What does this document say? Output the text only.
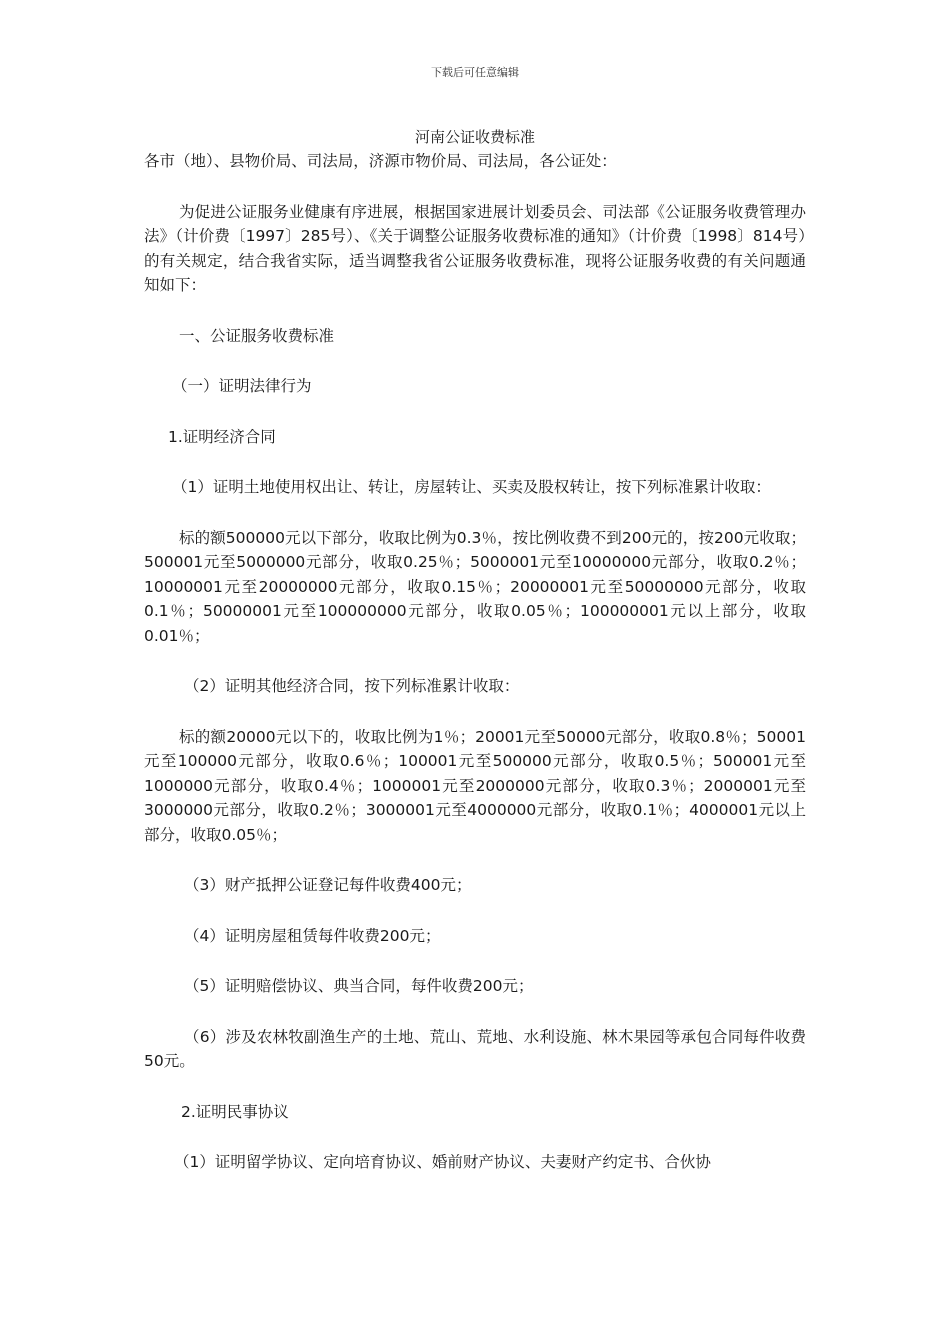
下载后可任意编辑
河南公证收费标准

各市（地）、县物价局、司法局，济源市物价局、司法局，各公证处：

为促进公证服务业健康有序进展，根据国家进展计划委员会、司法部《公证服务收费管理办法》（计价费〔1997〕285号）、《关于调整公证服务收费标准的通知》（计价费〔1998〕814号）的有关规定，结合我省实际，适当调整我省公证服务收费标准，现将公证服务收费的有关问题通知如下：

一、公证服务收费标准

（一）证明法律行为

1.证明经济合同

（1）证明土地使用权出让、转让，房屋转让、买卖及股权转让，按下列标准累计收取：

标的额500000元以下部分，收取比例为0.3％，按比例收费不到200元的，按200元收取；500001元至5000000元部分，收取0.25％；5000001元至10000000元部分，收取0.2％；10000001元至20000000元部分，收取0.15％；20000001元至50000000元部分，收取0.1％；50000001元至100000000元部分，收取0.05％；100000001元以上部分，收取0.01％；

（2）证明其他经济合同，按下列标准累计收取：

标的额20000元以下的，收取比例为1％；20001元至50000元部分，收取0.8％；50001元至100000元部分，收取0.6％；100001元至500000元部分，收取0.5％；500001元至1000000元部分，收取0.4％；1000001元至2000000元部分，收取0.3％；2000001元至3000000元部分，收取0.2％；3000001元至4000000元部分，收取0.1％；4000001元以上部分，收取0.05％；

（3）财产抵押公证登记每件收费400元；

（4）证明房屋租赁每件收费200元；

（5）证明赔偿协议、典当合同，每件收费200元；

（6）涉及农林牧副渔生产的土地、荒山、荒地、水利设施、林木果园等承包合同每件收费50元。

2.证明民事协议

（1）证明留学协议、定向培育协议、婚前财产协议、夫妻财产约定书、合伙协
